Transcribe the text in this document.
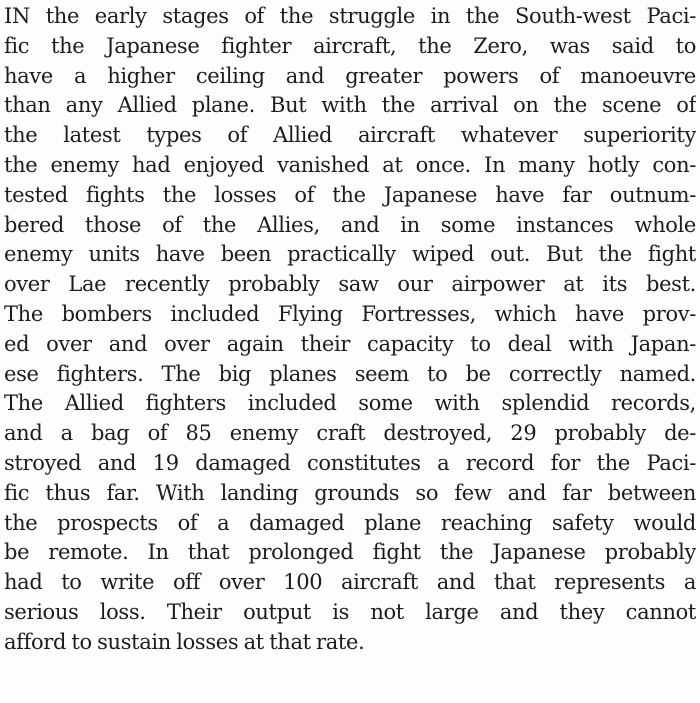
IN the early stages of the struggle in the South-west Paci-
fic the Japanese fighter aircraft, the Zero, was said to
have a higher ceiling and greater powers of manoeuvre
than any Allied plane. But with the arrival on the scene of
the latest types of Allied aircraft whatever superiority
the enemy had enjoyed vanished at once. In many hotly con-
tested fights the losses of the Japanese have far outnum-
bered those of the Allies, and in some instances whole
enemy units have been practically wiped out. But the fight
over Lae recently probably saw our airpower at its best.
The bombers included Flying Fortresses, which have prov-
ed over and over again their capacity to deal with Japan-
ese fighters. The big planes seem to be correctly named.
The Allied fighters included some with splendid records,
and a bag of 85 enemy craft destroyed, 29 probably de-
stroyed and 19 damaged constitutes a record for the Paci-
fic thus far. With landing grounds so few and far between
the prospects of a damaged plane reaching safety would
be remote. In that prolonged fight the Japanese probably
had to write off over 100 aircraft and that represents a
serious loss. Their output is not large and they cannot
afford to sustain losses at that rate.
